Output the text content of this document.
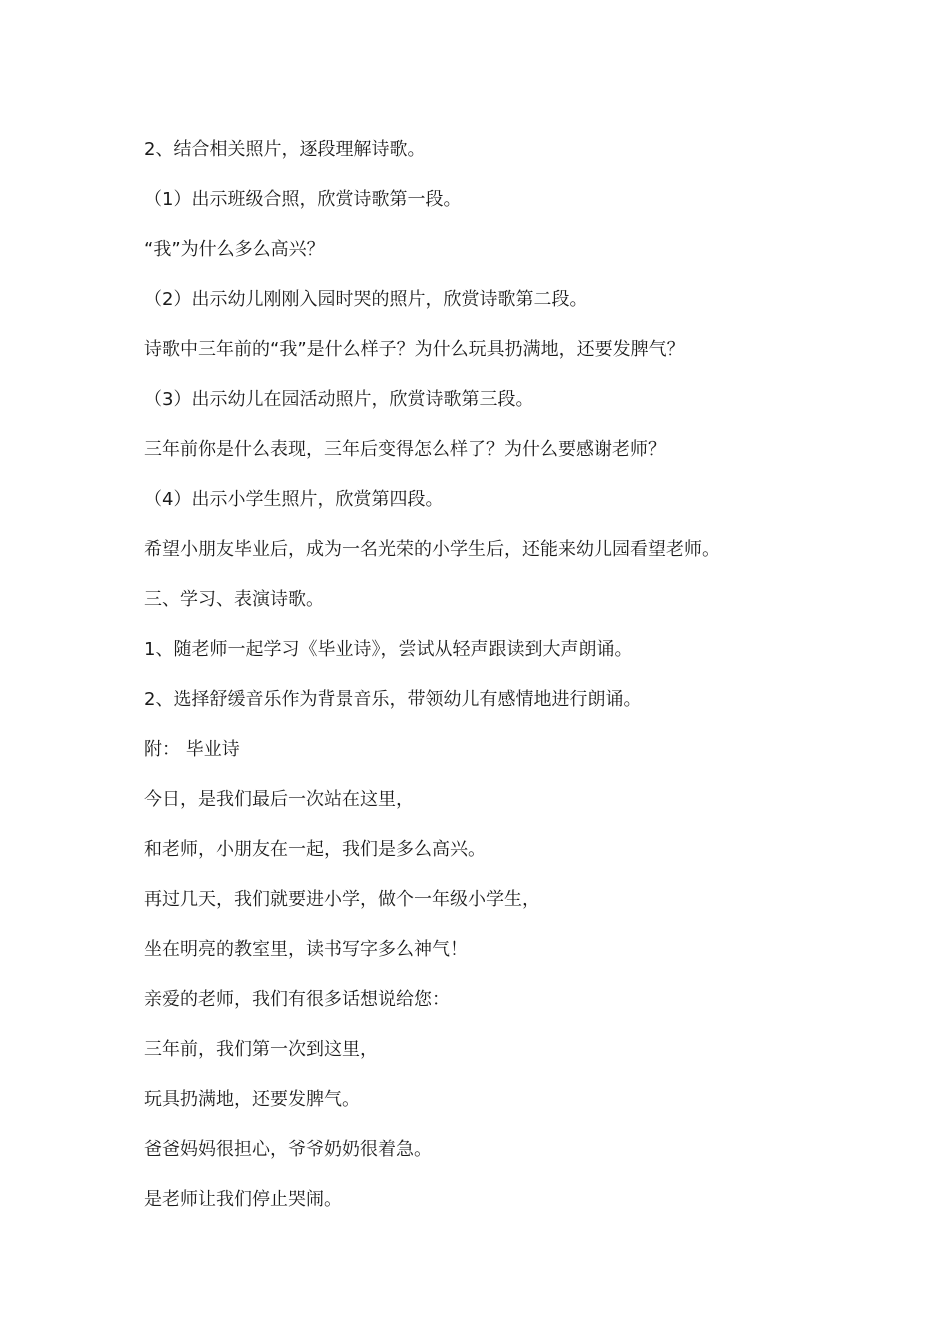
2、结合相关照片，逐段理解诗歌。
（1）出示班级合照，欣赏诗歌第一段。
“我”为什么多么高兴？
（2）出示幼儿刚刚入园时哭的照片，欣赏诗歌第二段。
诗歌中三年前的“我”是什么样子？为什么玩具扔满地，还要发脾气？
（3）出示幼儿在园活动照片，欣赏诗歌第三段。
三年前你是什么表现，三年后变得怎么样了？为什么要感谢老师？
（4）出示小学生照片，欣赏第四段。
希望小朋友毕业后，成为一名光荣的小学生后，还能来幼儿园看望老师。
三、学习、表演诗歌。
1、随老师一起学习《毕业诗》，尝试从轻声跟读到大声朗诵。
2、选择舒缓音乐作为背景音乐，带领幼儿有感情地进行朗诵。
附： 毕业诗
今日，是我们最后一次站在这里，
和老师，小朋友在一起，我们是多么高兴。
再过几天，我们就要进小学，做个一年级小学生，
坐在明亮的教室里，读书写字多么神气！
亲爱的老师，我们有很多话想说给您：
三年前，我们第一次到这里，
玩具扔满地，还要发脾气。
爸爸妈妈很担心，爷爷奶奶很着急。
是老师让我们停止哭闹。
